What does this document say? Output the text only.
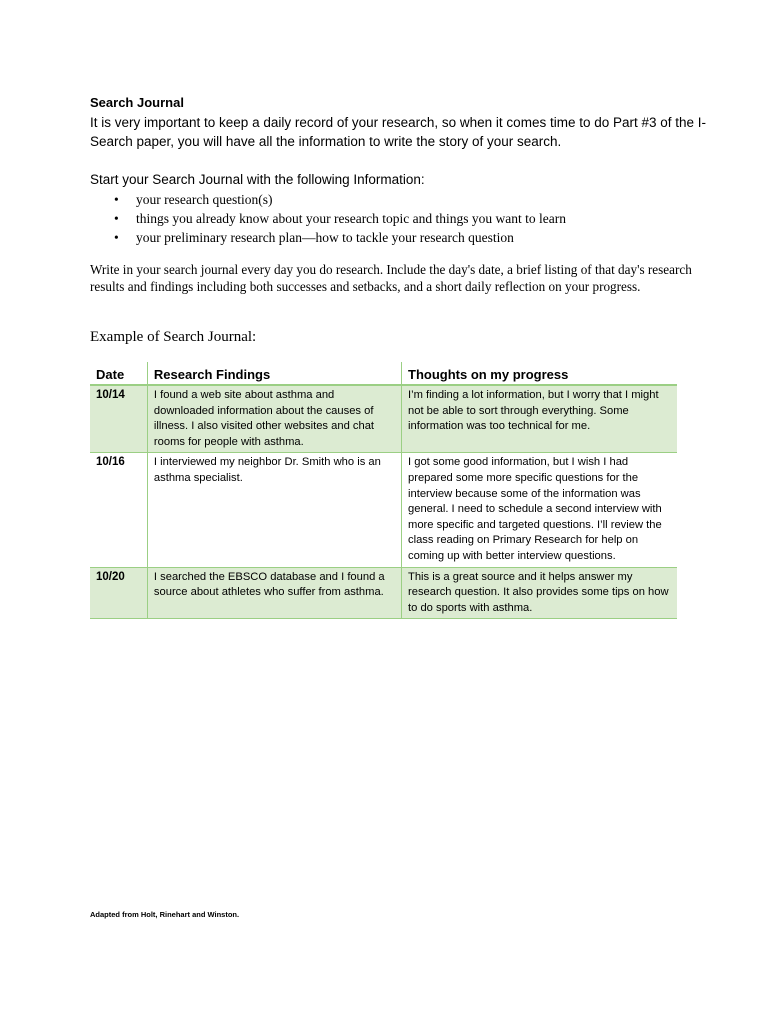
Search Journal
It is very important to keep a daily record of your research, so when it comes time to do Part #3 of the I-Search paper, you will have all the information to write the story of your search.
Start your Search Journal with the following Information:
• your research question(s)
• things you already know about your research topic and things you want to learn
• your preliminary research plan—how to tackle your research question
Write in your search journal every day you do research. Include the day's date, a brief listing of that day's research results and findings including both successes and setbacks, and a short daily reflection on your progress.
Example of Search Journal:
Date	Research Findings	Thoughts on my progress
10/14	I found a web site about asthma and downloaded information about the causes of illness. I also visited other websites and chat rooms for people with asthma.	I’m finding a lot information, but I worry that I might not be able to sort through everything. Some information was too technical for me.
10/16	I interviewed my neighbor Dr. Smith who is an asthma specialist.	I got some good information, but I wish I had prepared some more specific questions for the interview because some of the information was general. I need to schedule a second interview with more specific and targeted questions. I’ll review the class reading on Primary Research for help on coming up with better interview questions.
10/20	I searched the EBSCO database and I found a source about athletes who suffer from asthma.	This is a great source and it helps answer my research question. It also provides some tips on how to do sports with asthma.
Adapted from Holt, Rinehart and Winston.
